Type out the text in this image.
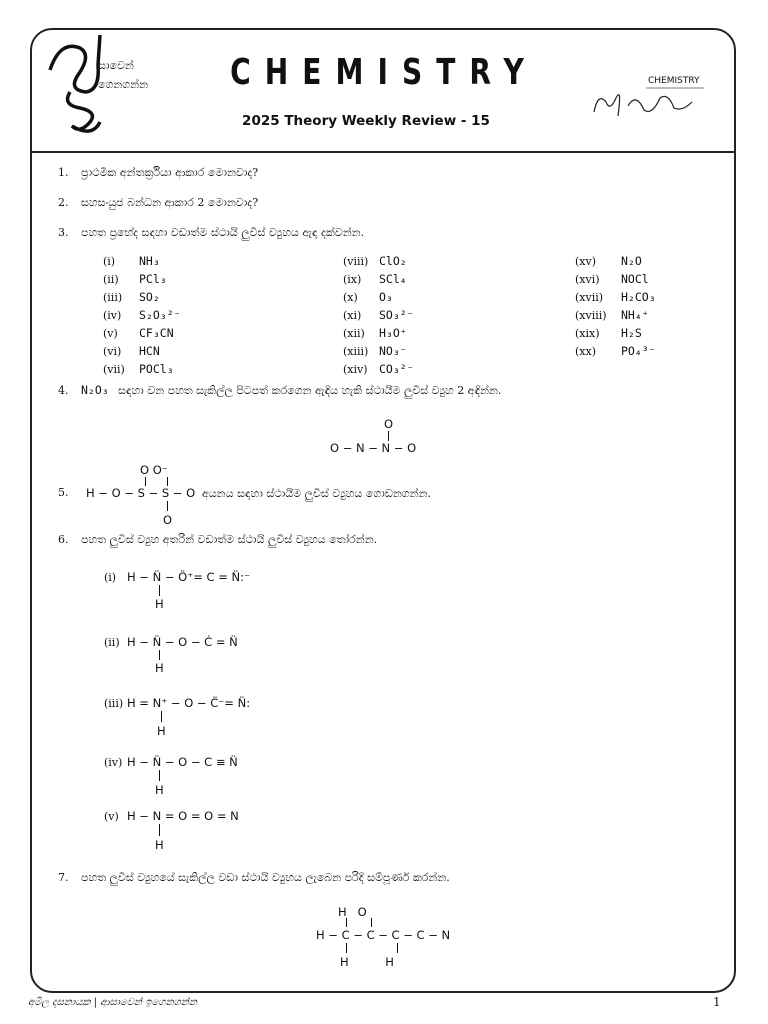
සාවෙන්
ගෙනගන්න	CHEMISTRY
2025 Theory Weekly Review - 15
CHEMISTRY
1. ප්‍රාථමික අන්තර්ක්‍රියා ආකාර මොනවාද?
2. සහසංයුජ බන්ධන ආකාර 2 මොනවාද?
3. පහත ප්‍රභේද සඳහා වඩාත්ම ස්ථායි ලුවිස් ව්‍යුහය ඇඳ දක්වන්න.
(i) NH₃
(ii) PCl₃
(iii) SO₂
(iv) S₂O₃²⁻
(v) CF₃CN
(vi) HCN
(vii) POCl₃
(viii) ClO₂
(ix) SCl₄
(x) O₃
(xi) SO₃²⁻
(xii) H₃O⁺
(xiii) NO₃⁻
(xiv) CO₃²⁻
(xv) N₂O
(xvi) NOCl
(xvii) H₂CO₃
(xviii) NH₄⁺
(xix) H₂S
(xx) PO₄³⁻
4. N₂O₃ සඳහා වන පහත සැකිල්ල පිටපත් කරගෙන ඇඳිය හැකි ස්ථායීම ලුවිස් ව්‍යුහ 2 අඳින්න.
O
O − N − N − O
O O⁻
5. H − O − S − S − O අයනය සඳහා ස්ථායීම ලුවිස් ව්‍යුහය ගොඩනගන්න.
O
6. පහත ලුවිස් ව්‍යුහ අතරින් වඩාත්ම ස්ථායි ලුවිස් ව්‍යුහය තෝරන්න.
(i) H − N̈ − Ö⁺= C = N̈:⁻
H
(ii) H − N̈ − O − Ċ = N̈
H
(iii) H = N⁺ − O − C̈⁻= N̈:
H
(iv) H − N̈ − O − C ≡ N̈
H
(v) H − N = O = O = N
H
7. පහත ලුවිස් ව්‍යුහයේ සැකිල්ල වඩා ස්ථායි ව්‍යුහය ලැබෙන පරිදි සම්පූර්ණ කරන්න.
H   O
H − C − C − C − C − N
H          H
අමිල දසනායක | ආසාවෙන් ඉගෙනගන්න	1
